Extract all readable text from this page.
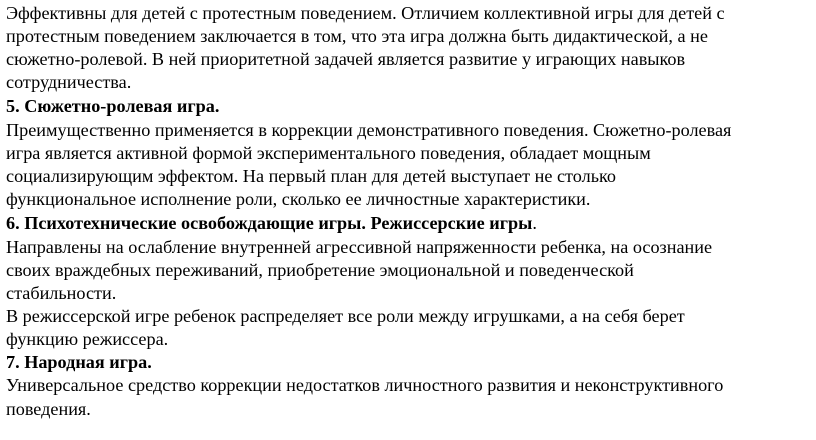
Эффективны для детей с протестным поведением. Отличием коллективной игры для детей с
протестным поведением заключается в том, что эта игра должна быть дидактической, а не
сюжетно-ролевой. В ней приоритетной задачей является развитие у играющих навыков
сотрудничества.
5. Сюжетно-ролевая игра.
Преимущественно применяется в коррекции демонстративного поведения. Сюжетно-ролевая
игра является активной формой экспериментального поведения, обладает мощным
социализирующим эффектом. На первый план для детей выступает не столько
функциональное исполнение роли, сколько ее личностные характеристики.
6. Психотехнические освобождающие игры. Режиссерские игры.
Направлены на ослабление внутренней агрессивной напряженности ребенка, на осознание
своих враждебных переживаний, приобретение эмоциональной и поведенческой
стабильности.
В режиссерской игре ребенок распределяет все роли между игрушками, а на себя берет
функцию режиссера.
7. Народная игра.
Универсальное средство коррекции недостатков личностного развития и неконструктивного
поведения.
